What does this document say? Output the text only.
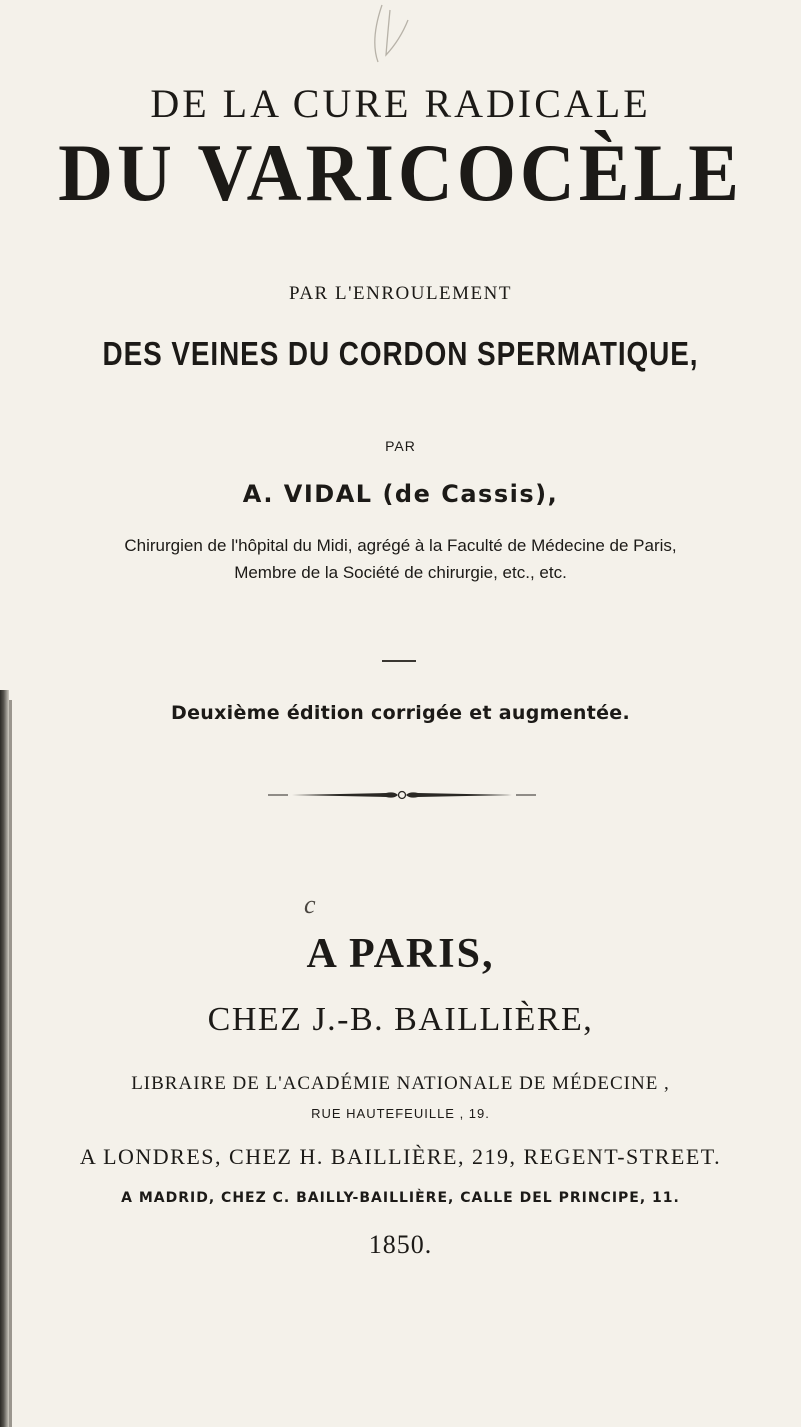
DE LA CURE RADICALE
DU VARICOCÈLE
PAR L'ENROULEMENT
DES VEINES DU CORDON SPERMATIQUE,
PAR
A. VIDAL (de Cassis),
Chirurgien de l'hôpital du Midi, agrégé à la Faculté de Médecine de Paris,
Membre de la Société de chirurgie, etc., etc.
Deuxième édition corrigée et augmentée.
c
A PARIS,
CHEZ J.-B. BAILLIÈRE,
LIBRAIRE DE L'ACADÉMIE NATIONALE DE MÉDECINE ,
RUE HAUTEFEUILLE , 19.
A LONDRES, CHEZ H. BAILLIÈRE, 219, REGENT-STREET.
A MADRID, CHEZ C. BAILLY-BAILLIÈRE, CALLE DEL PRINCIPE, 11.
1850.
